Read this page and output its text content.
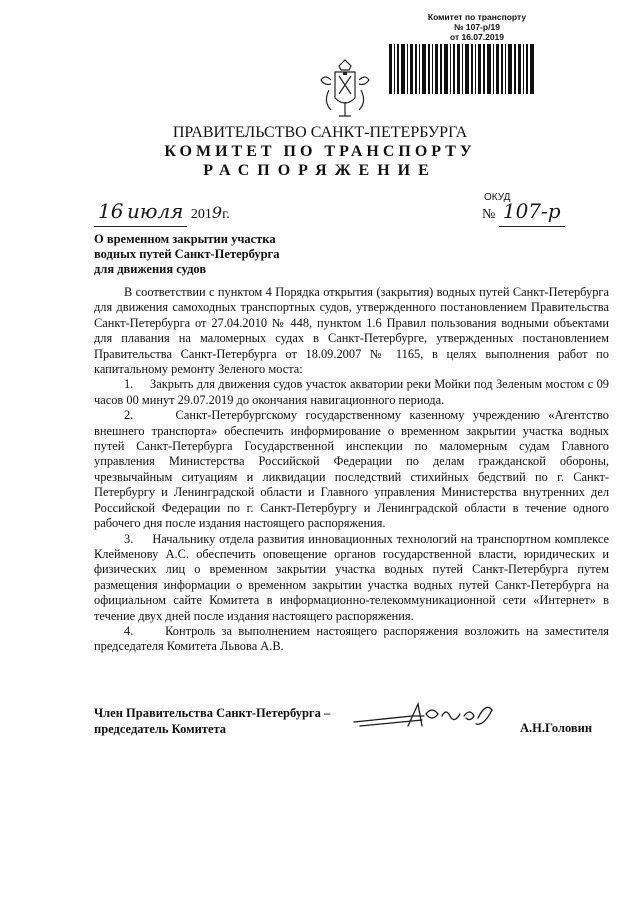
Комитет по транспорту
№ 107-р/19
от 16.07.2019
ПРАВИТЕЛЬСТВО САНКТ-ПЕТЕРБУРГА
КОМИТЕТ ПО ТРАНСПОРТУ
РАСПОРЯЖЕНИЕ
ОКУД
16 июля 2019г.	№ 107-р
О временном закрытии участка
водных путей Санкт-Петербурга
для движения судов

В соответствии с пунктом 4 Порядка открытия (закрытия) водных путей Санкт-Петербурга для движения самоходных транспортных судов, утвержденного постановлением Правительства Санкт-Петербурга от 27.04.2010 № 448, пунктом 1.6 Правил пользования водными объектами для плавания на маломерных судах в Санкт-Петербурге, утвержденных постановлением Правительства Санкт-Петербурга от 18.09.2007 № 1165, в целях выполнения работ по капитальному ремонту Зеленого моста:

1.     Закрыть для движения судов участок акватории реки Мойки под Зеленым мостом с 09 часов 00 минут 29.07.2019 до окончания навигационного периода.

2.     Санкт-Петербургскому государственному казенному учреждению «Агентство внешнего транспорта» обеспечить информирование о временном закрытии участка водных путей Санкт-Петербурга Государственной инспекции по маломерным судам Главного управления Министерства Российской Федерации по делам гражданской обороны, чрезвычайным ситуациям и ликвидации последствий стихийных бедствий по г. Санкт-Петербургу и Ленинградской области и Главного управления Министерства внутренних дел Российской Федерации по г. Санкт-Петербургу и Ленинградской области в течение одного рабочего дня после издания настоящего распоряжения.

3.     Начальнику отдела развития инновационных технологий на транспортном комплексе Клейменову А.С. обеспечить оповещение органов государственной власти, юридических и физических лиц о временном закрытии участка водных путей Санкт-Петербурга путем размещения информации о временном закрытии участка водных путей Санкт-Петербурга на официальном сайте Комитета в информационно-телекоммуникационной сети «Интернет» в течение двух дней после издания настоящего распоряжения.

4.     Контроль за выполнением настоящего распоряжения возложить на заместителя председателя Комитета Львова А.В.

Член Правительства Санкт-Петербурга –
председатель Комитета	А.Н.Головин
